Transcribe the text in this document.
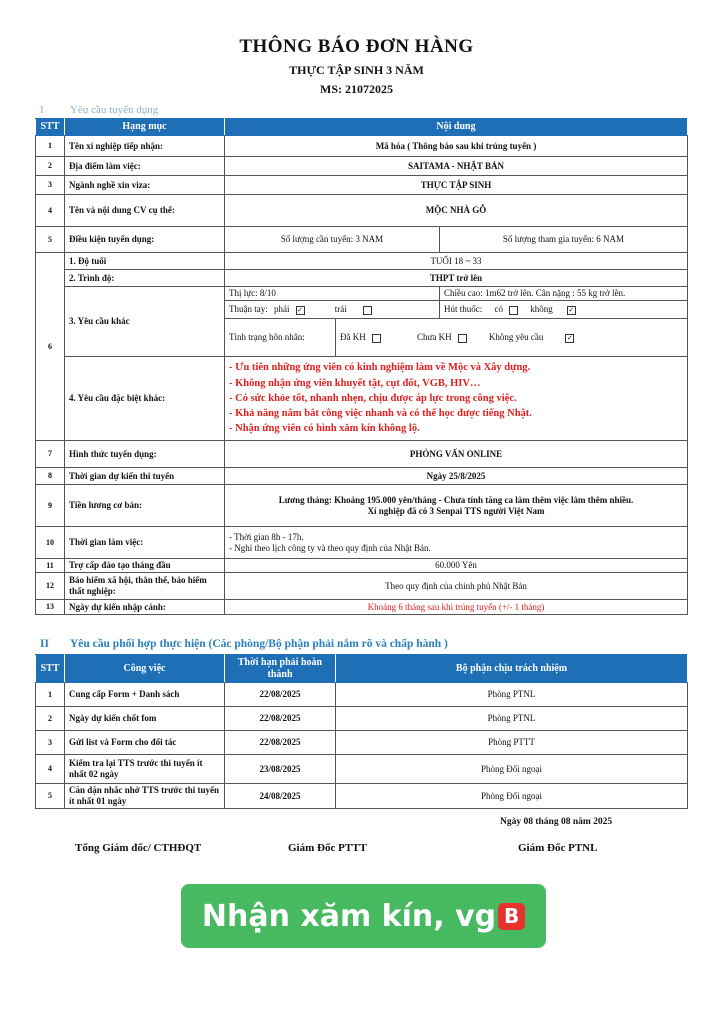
THÔNG BÁO ĐƠN HÀNG
THỰC TẬP SINH 3 NĂM
MS: 21072025
I Yêu cầu tuyển dụng
STT	Hạng mục	Nội dung		
1	Tên xí nghiệp tiếp nhận:	Mã hóa ( Thông báo sau khi trúng tuyển )		
2	Địa điểm làm việc:	SAITAMA - NHẬT BẢN		
3	Ngành nghề xin viza:	THỰC TẬP SINH		
4	Tên và nội dung CV cụ thể:	MỘC NHÀ GỖ		
5	Điều kiện tuyển dụng:	Số lượng cần tuyển: 3 NAM		Số lượng tham gia tuyển: 6 NAM
6	1. Độ tuổi	TUỔI 18 ~ 33		
	2. Trình độ:	THPT trở lên		
	3. Yêu cầu khác	Thị lực: 8/10		Chiều cao: 1m62 trở lên. Cân nặng : 55 kg trở lên.
		Thuận tay: phải ✓ trái		Hút thuốc: có không ✓
		Tình trạng hôn nhân:	Đã KH Chưa KH Không yêu cầu ✓	
	4. Yêu cầu đặc biệt khác:	- Ưu tiên những ứng viên có kinh nghiệm làm về Mộc và Xây dựng.
- Không nhận ứng viên khuyết tật, cụt đốt, VGB, HIV…
- Có sức khỏe tốt, nhanh nhẹn, chịu được áp lực trong công việc.
- Khả năng nắm bắt công việc nhanh và có thể học được tiếng Nhật.
- Nhận ứng viên có hình xăm kín không lộ.		

7	Hình thức tuyển dụng:	PHỎNG VẤN ONLINE		
8	Thời gian dự kiến thi tuyển	Ngày 25/8/2025		
9	Tiền lương cơ bản:	Lương tháng: Khoảng 195.000 yên/tháng - Chưa tính tăng ca làm thêm việc làm thêm nhiều.
Xí nghiệp đã có 3 Senpai TTS người Việt Nam		

10	Thời gian làm việc:	- Thời gian 8h - 17h.
- Nghỉ theo lịch công ty và theo quy định của Nhật Bản.		

11	Trợ cấp đào tạo tháng đầu	60.000 Yên		
12	Bảo hiểm xã hội, thân thể, bảo hiểm thất nghiệp:	Theo quy định của chính phủ Nhật Bản		
13	Ngày dự kiến nhập cảnh:	Khoảng 6 tháng sau khi trúng tuyển (+/- 1 tháng)		
II Yêu cầu phối hợp thực hiện (Các phòng/Bộ phận phải nắm rõ và chấp hành )
STT	Công việc	Thời hạn phải hoàn thành	Bộ phận chịu trách nhiệm
1	Cung cấp Form + Danh sách	22/08/2025	Phòng PTNL
2	Ngày dự kiến chốt fom	22/08/2025	Phòng PTNL
3	Gửi list và Form cho đối tác	22/08/2025	Phòng PTTT
4	Kiểm tra lại TTS trước thi tuyển ít nhất 02 ngày	23/08/2025	Phòng Đối ngoại
5	Căn dặn nhắc nhở TTS trước thi tuyển ít nhất 01 ngày	24/08/2025	Phòng Đối ngoại
Ngày 08 tháng 08 năm 2025
Tổng Giám đốc/ CTHĐQT	Giám Đốc PTTT	Giám Đốc PTNL
Nhận xăm kín, vg B
